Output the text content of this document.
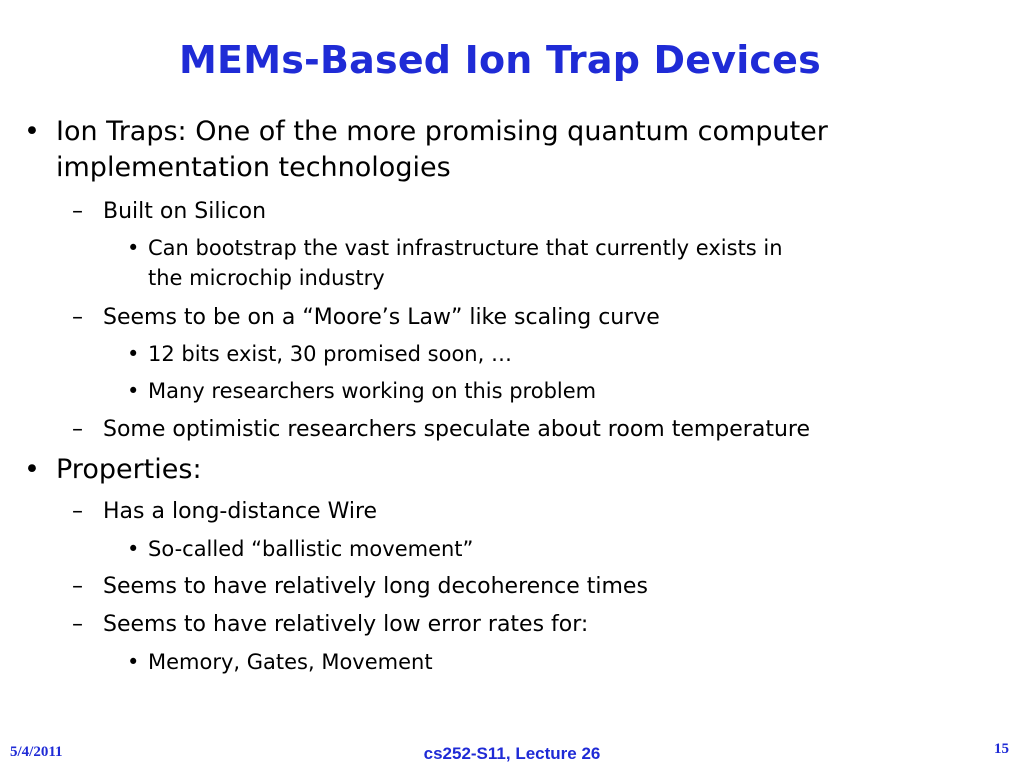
MEMs-Based Ion Trap Devices
• Ion Traps: One of the more promising quantum computer
implementation technologies
– Built on Silicon
• Can bootstrap the vast infrastructure that currently exists in
the microchip industry
– Seems to be on a “Moore’s Law” like scaling curve
• 12 bits exist, 30 promised soon, …
• Many researchers working on this problem
– Some optimistic researchers speculate about room temperature
• Properties:
– Has a long-distance Wire
• So-called “ballistic movement”
– Seems to have relatively long decoherence times
– Seems to have relatively low error rates for:
• Memory, Gates, Movement
5/4/2011	cs252-S11, Lecture 26	15
